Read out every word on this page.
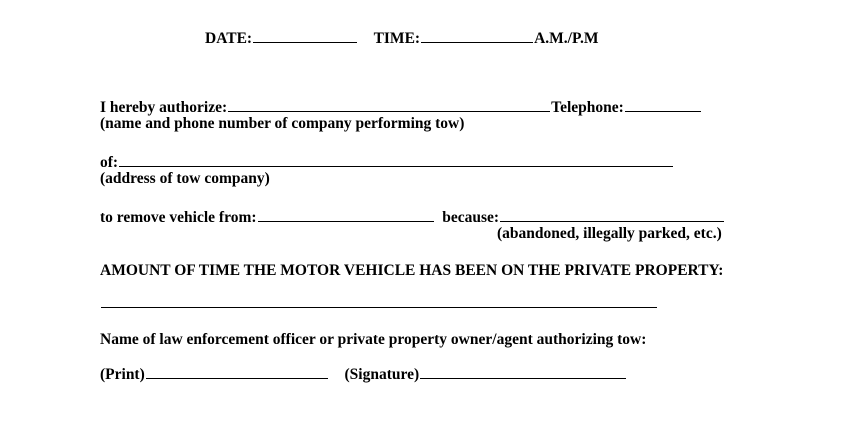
DATE:	TIME:	A.M./P.M
I hereby authorize:	Telephone:
(name and phone number of company performing tow)
of:
(address of tow company)
to remove vehicle from:	because:
(abandoned, illegally parked, etc.)
AMOUNT OF TIME THE MOTOR VEHICLE HAS BEEN ON THE PRIVATE PROPERTY:
Name of law enforcement officer or private property owner/agent authorizing tow:
(Print)	(Signature)
